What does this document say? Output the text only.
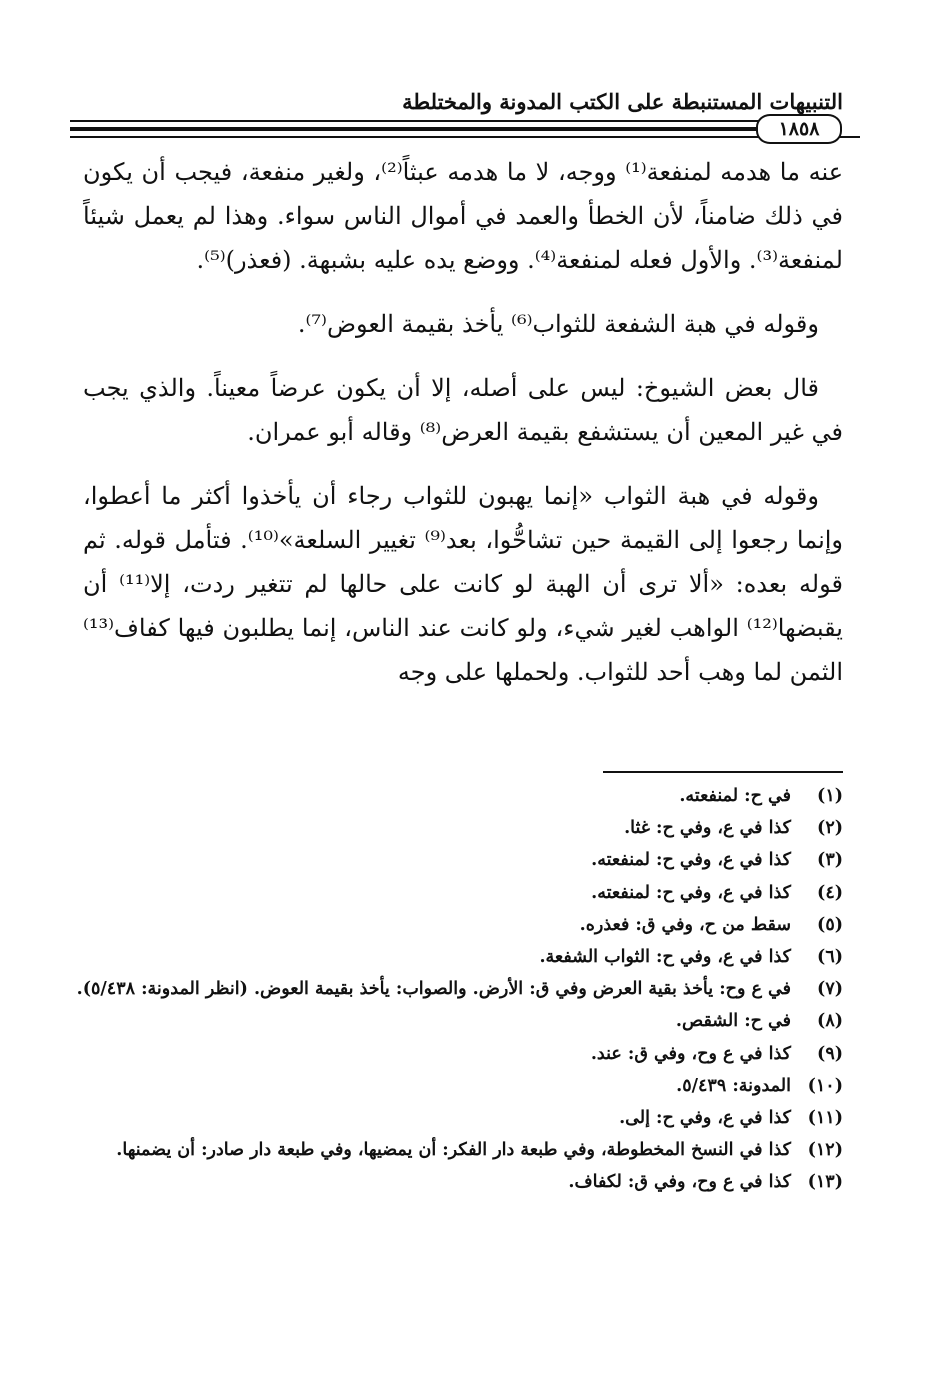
التنبيهات المستنبطة على الكتب المدونة والمختلطة
١٨٥٨

عنه ما هدمه لمنفعة⁽¹⁾ ووجه، لا ما هدمه عبثاً⁽²⁾، ولغير منفعة، فيجب أن يكون في ذلك ضامناً، لأن الخطأ والعمد في أموال الناس سواء. وهذا لم يعمل شيئاً لمنفعة⁽³⁾. والأول فعله لمنفعة⁽⁴⁾. ووضع يده عليه بشبهة. (فعذر)⁽⁵⁾.

وقوله في هبة الشفعة للثواب⁽⁶⁾ يأخذ بقيمة العوض⁽⁷⁾.

قال بعض الشيوخ: ليس على أصله، إلا أن يكون عرضاً معيناً. والذي يجب في غير المعين أن يستشفع بقيمة العرض⁽⁸⁾ وقاله أبو عمران.

وقوله في هبة الثواب «إنما يهبون للثواب رجاء أن يأخذوا أكثر ما أعطوا، وإنما رجعوا إلى القيمة حين تشاحُّوا، بعد⁽⁹⁾ تغيير السلعة»⁽¹⁰⁾. فتأمل قوله. ثم قوله بعده: «ألا ترى أن الهبة لو كانت على حالها لم تتغير ردت، إلا⁽¹¹⁾ أن يقبضها⁽¹²⁾ الواهب لغير شيء، ولو كانت عند الناس، إنما يطلبون فيها كفاف⁽¹³⁾ الثمن لما وهب أحد للثواب. ولحملها على وجه

(١)
في ح: لمنفعته.
(٢)
كذا في ع، وفي ح: غثا.
(٣)
كذا في ع، وفي ح: لمنفعته.
(٤)
كذا في ع، وفي ح: لمنفعته.
(٥)
سقط من ح، وفي ق: فعذره.
(٦)
كذا في ع، وفي ح: الثواب الشفعة.
(٧)
في ع وح: يأخذ بقية العرض وفي ق: الأرض. والصواب: يأخذ بقيمة العوض. (انظر المدونة: ٥/٤٣٨).
(٨)
في ح: الشقص.
(٩)
كذا في ع وح، وفي ق: عند.
(١٠)
المدونة: ٥/٤٣٩.
(١١)
كذا في ع، وفي ح: إلى.
(١٢)
كذا في النسخ المخطوطة، وفي طبعة دار الفكر: أن يمضيها، وفي طبعة دار صادر: أن يضمنها.
(١٣)
كذا في ع وح، وفي ق: لكفاف.
